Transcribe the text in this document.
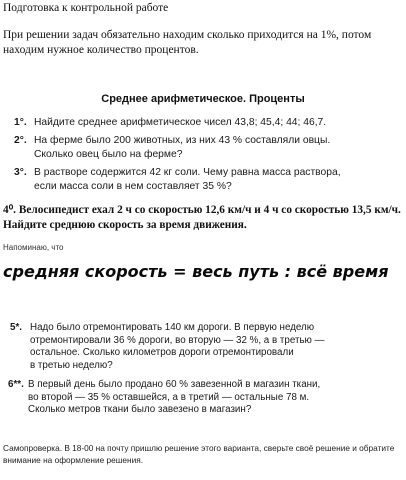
Подготовка к контрольной работе
При решении задач обязательно находим сколько приходится на 1%, потом находим нужное количество процентов.
Среднее арифметическое. Проценты
1°. Найдите среднее арифметическое чисел 43,8; 45,4; 44; 46,7.
2°. На ферме было 200 животных, из них 43 % составляли овцы.
Сколько овец было на ферме?
3°. В растворе содержится 42 кг соли. Чему равна масса раствора,
если масса соли в нем составляет 35 %?
4⁰. Велосипедист ехал 2 ч со скоростью 12,6 км/ч и 4 ч со скоростью 13,5 км/ч. Найдите среднюю скорость за время движения.
Напоминаю, что
средняя скорость = весь путь : всё время
5*. Надо было отремонтировать 140 км дороги. В первую неделю
отремонтировали 36 % дороги, во вторую — 32 %, а в третью —
остальное. Сколько километров дороги отремонтировали
в третью неделю?
6**. В первый день было продано 60 % завезенной в магазин ткани,
во второй — 35 % оставшейся, а в третий — остальные 78 м.
Сколько метров ткани было завезено в магазин?
Самопроверка. В 18-00 на почту пришлю решение этого варианта, сверьте своё решение и обратите внимание на оформление решения.
